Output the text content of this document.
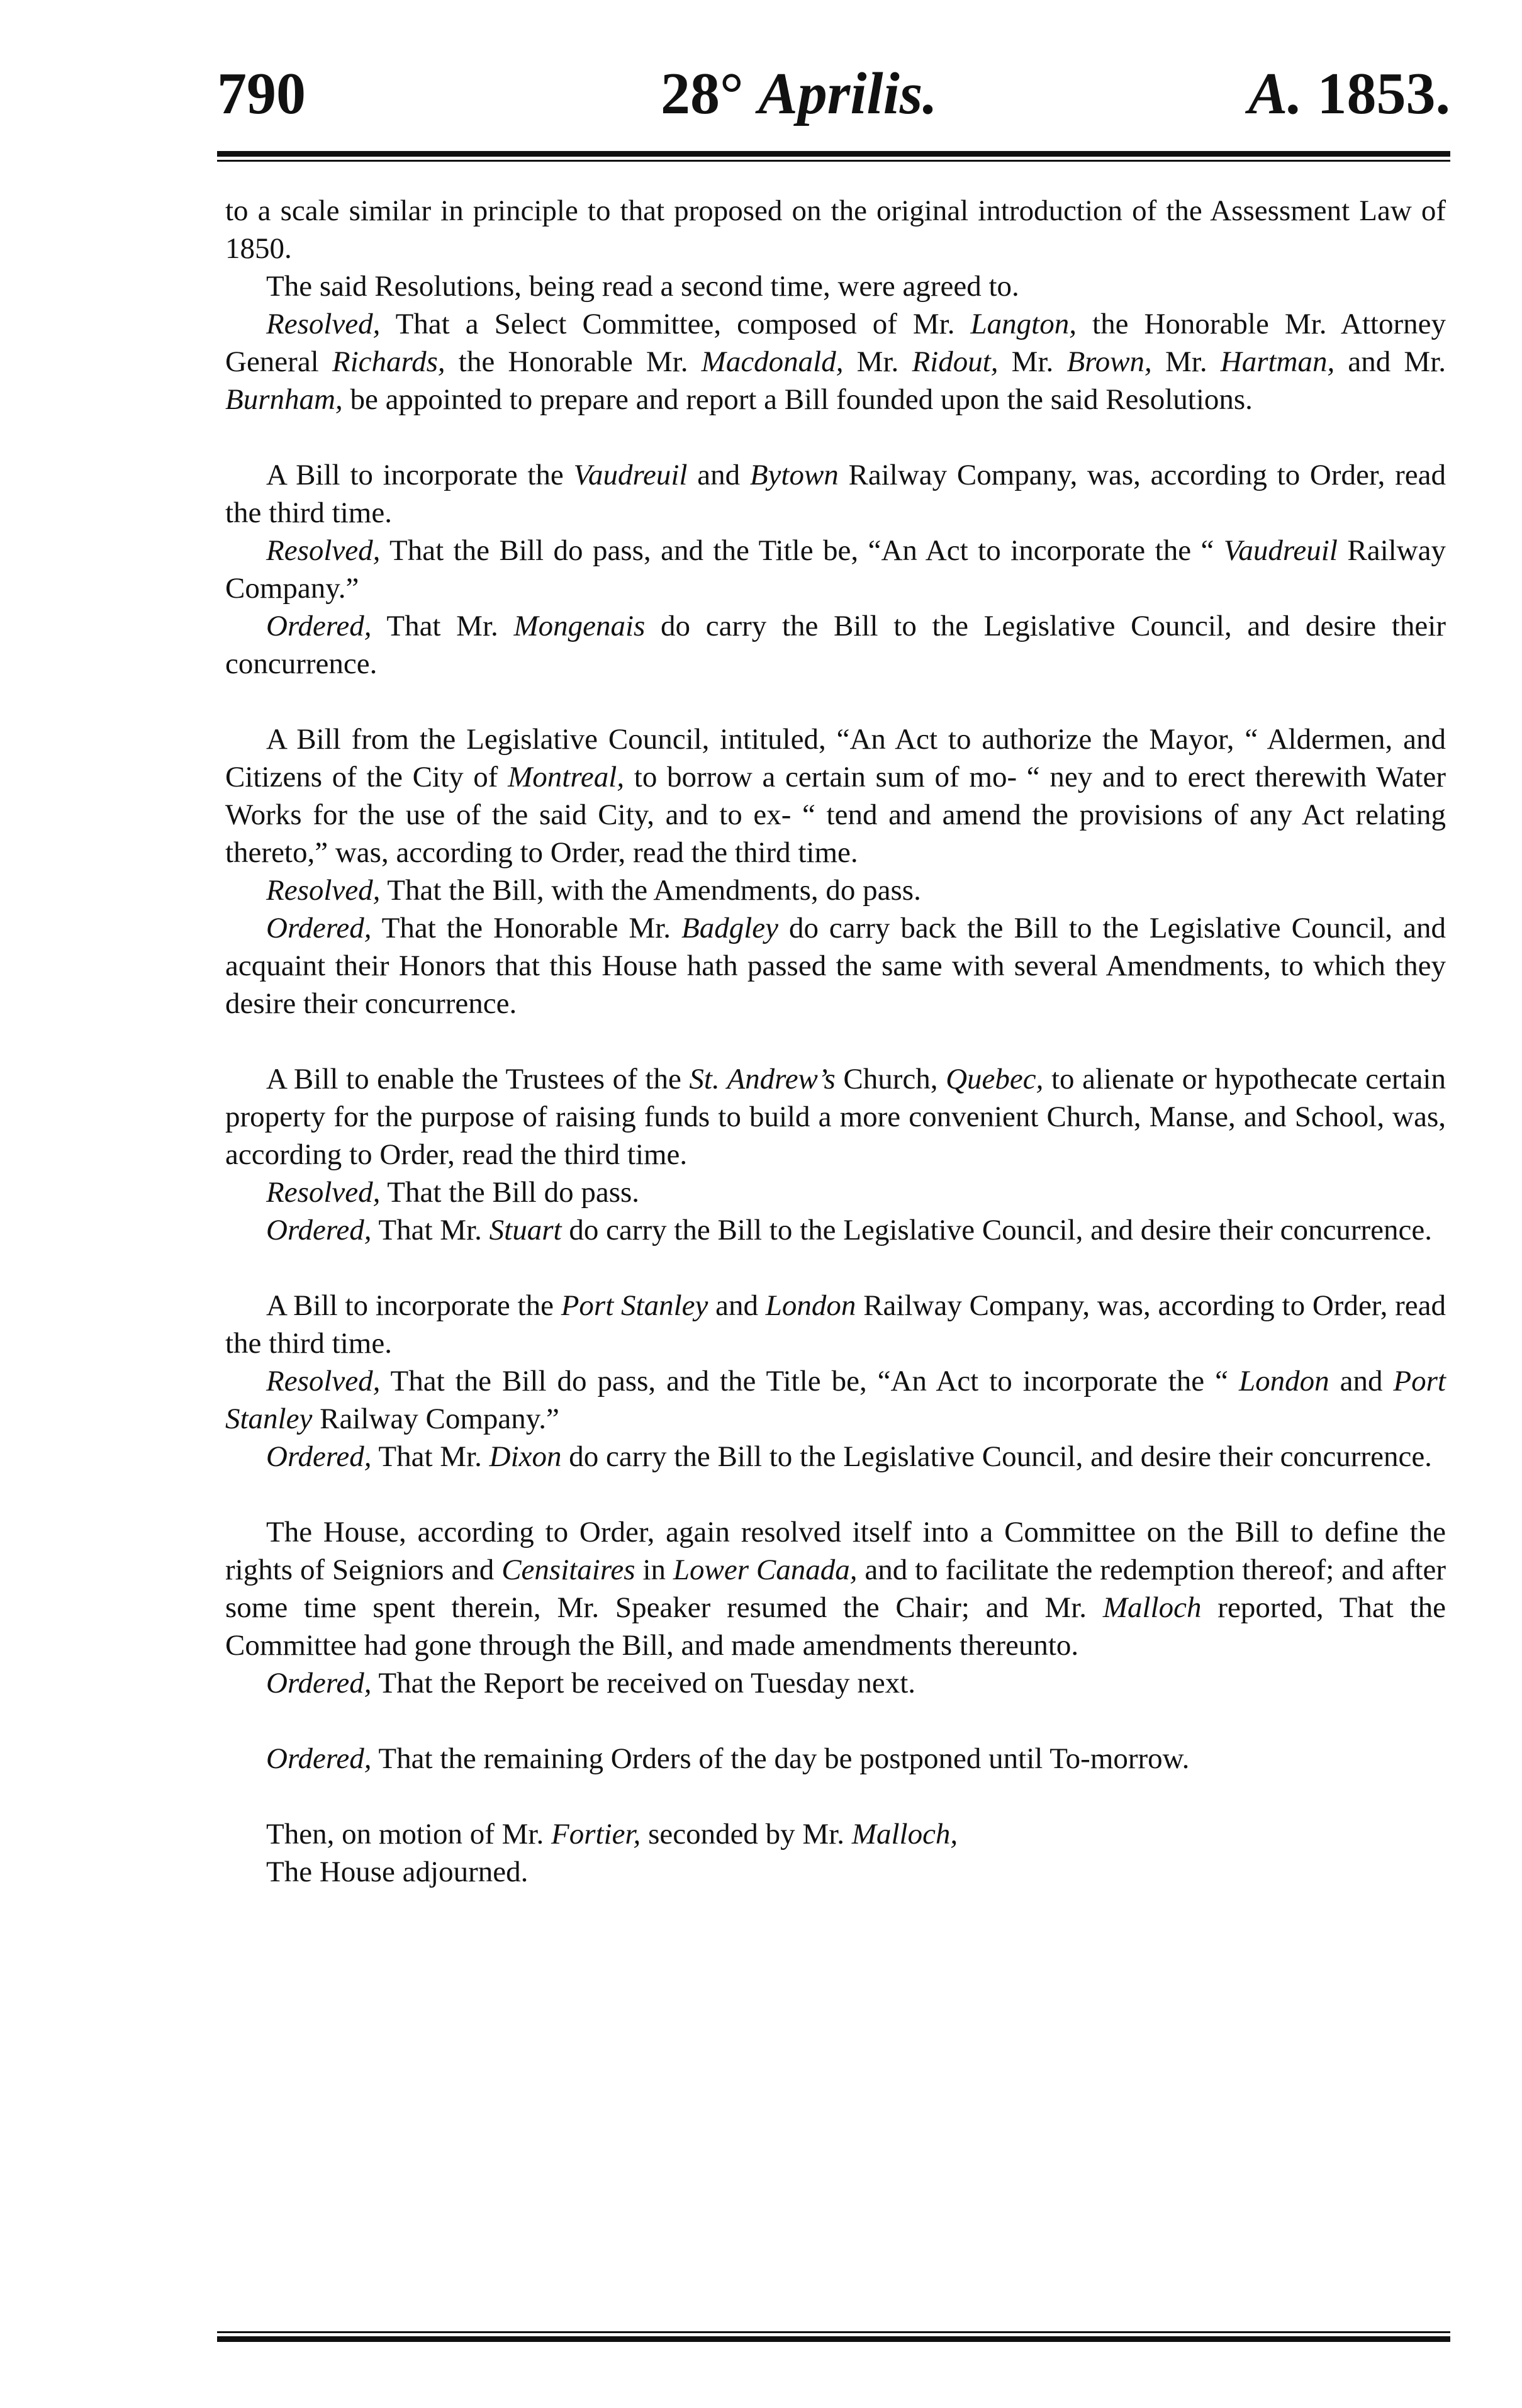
790	28° Aprilis.	A. 1853.

to a scale similar in principle to that proposed on the original introduction of the Assessment Law of 1850.

The said Resolutions, being read a second time, were agreed to.

Resolved, That a Select Committee, composed of Mr. Langton, the Honorable Mr. Attorney General Richards, the Honorable Mr. Macdonald, Mr. Ridout, Mr. Brown, Mr. Hartman, and Mr. Burnham, be appointed to prepare and report a Bill founded upon the said Resolutions.

A Bill to incorporate the Vaudreuil and Bytown Railway Company, was, according to Order, read the third time.

Resolved, That the Bill do pass, and the Title be, “An Act to incorporate the “ Vaudreuil Railway Company.”

Ordered, That Mr. Mongenais do carry the Bill to the Legislative Council, and desire their concurrence.

A Bill from the Legislative Council, intituled, “An Act to authorize the Mayor, “ Aldermen, and Citizens of the City of Montreal, to borrow a certain sum of mo- “ ney and to erect therewith Water Works for the use of the said City, and to ex- “ tend and amend the provisions of any Act relating thereto,” was, according to Order, read the third time.

Resolved, That the Bill, with the Amendments, do pass.

Ordered, That the Honorable Mr. Badgley do carry back the Bill to the Legislative Council, and acquaint their Honors that this House hath passed the same with several Amendments, to which they desire their concurrence.

A Bill to enable the Trustees of the St. Andrew’s Church, Quebec, to alienate or hypothecate certain property for the purpose of raising funds to build a more convenient Church, Manse, and School, was, according to Order, read the third time.

Resolved, That the Bill do pass.

Ordered, That Mr. Stuart do carry the Bill to the Legislative Council, and desire their concurrence.

A Bill to incorporate the Port Stanley and London Railway Company, was, according to Order, read the third time.

Resolved, That the Bill do pass, and the Title be, “An Act to incorporate the “ London and Port Stanley Railway Company.”

Ordered, That Mr. Dixon do carry the Bill to the Legislative Council, and desire their concurrence.

The House, according to Order, again resolved itself into a Committee on the Bill to define the rights of Seigniors and Censitaires in Lower Canada, and to facilitate the redemption thereof; and after some time spent therein, Mr. Speaker resumed the Chair; and Mr. Malloch reported, That the Committee had gone through the Bill, and made amendments thereunto.

Ordered, That the Report be received on Tuesday next.

Ordered, That the remaining Orders of the day be postponed until To-morrow.

Then, on motion of Mr. Fortier, seconded by Mr. Malloch,

The House adjourned.
